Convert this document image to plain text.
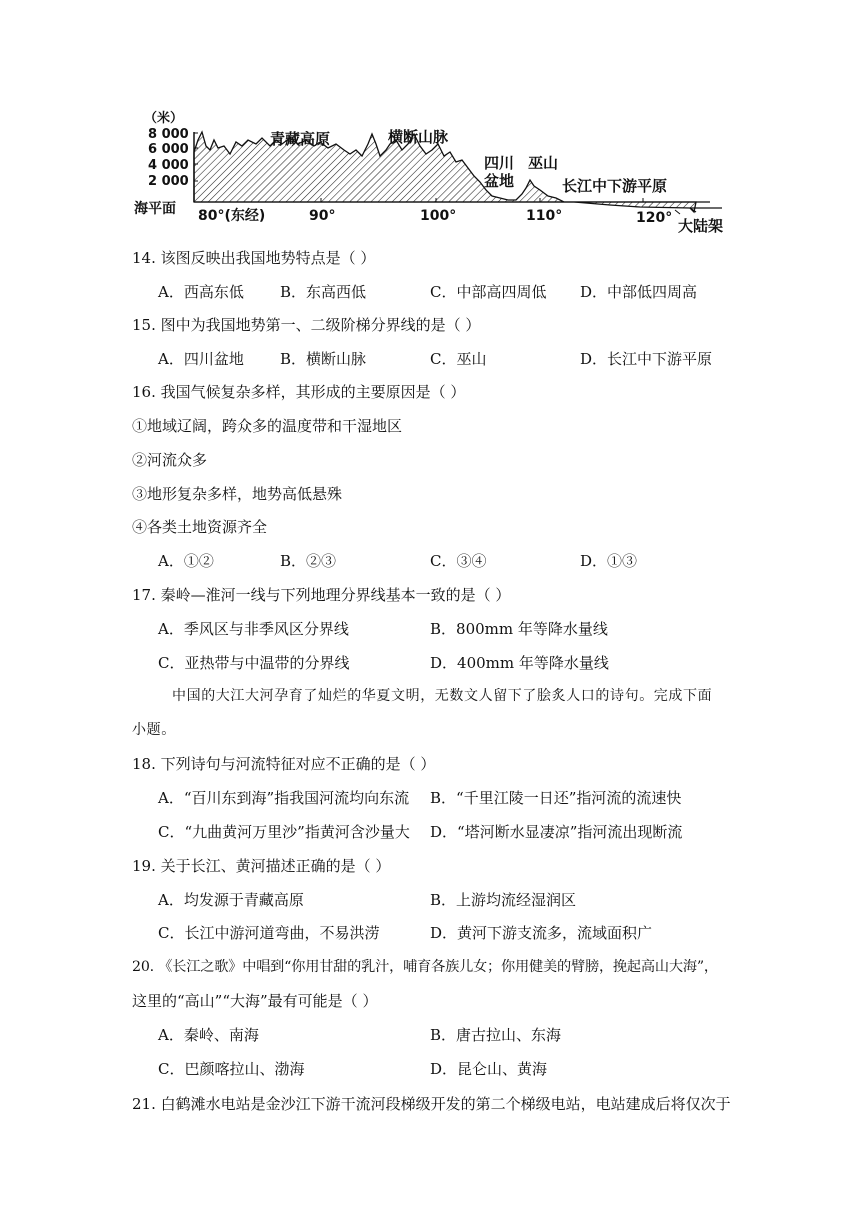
（米）
8 000
6 000
4 000
2 000
海平面 80°(东经)	90°	100°	110°	120°
青藏高原	横断山脉
四川
盆地
巫山
长江中下游平原
大陆架
14. 该图反映出我国地势特点是（ ）
A．西高东低 B．东高西低	C．中部高四周低 D．中部低四周高
15. 图中为我国地势第一、二级阶梯分界线的是（ ）
A．四川盆地 B．横断山脉	C．巫山	D．长江中下游平原
16. 我国气候复杂多样，其形成的主要原因是（ ）
①地域辽阔，跨众多的温度带和干湿地区
②河流众多
③地形复杂多样，地势高低悬殊
④各类土地资源齐全
A．①②	B．②③	C．③④	D．①③
17. 秦岭—淮河一线与下列地理分界线基本一致的是（ ）
A．季风区与非季风区分界线	B．800mm 年等降水量线
C．亚热带与中温带的分界线	D．400mm 年等降水量线
中国的大江大河孕育了灿烂的华夏文明，无数文人留下了脍炙人口的诗句。完成下面
小题。
18. 下列诗句与河流特征对应不正确的是（ ）
A．“百川东到海”指我国河流均向东流 B．“千里江陵一日还”指河流的流速快
C．“九曲黄河万里沙”指黄河含沙量大 D．“塔河断水显凄凉”指河流出现断流
19. 关于长江、黄河描述正确的是（ ）
A．均发源于青藏高原	B．上游均流经湿润区
C．长江中游河道弯曲，不易洪涝	D．黄河下游支流多，流域面积广
20. 《长江之歌》中唱到“你用甘甜的乳汁，哺育各族儿女；你用健美的臂膀，挽起高山大海”，
这里的“高山”“大海”最有可能是（ ）
A．秦岭、南海	B．唐古拉山、东海
C．巴颜喀拉山、渤海	D．昆仑山、黄海
21. 白鹤滩水电站是金沙江下游干流河段梯级开发的第二个梯级电站，电站建成后将仅次于
